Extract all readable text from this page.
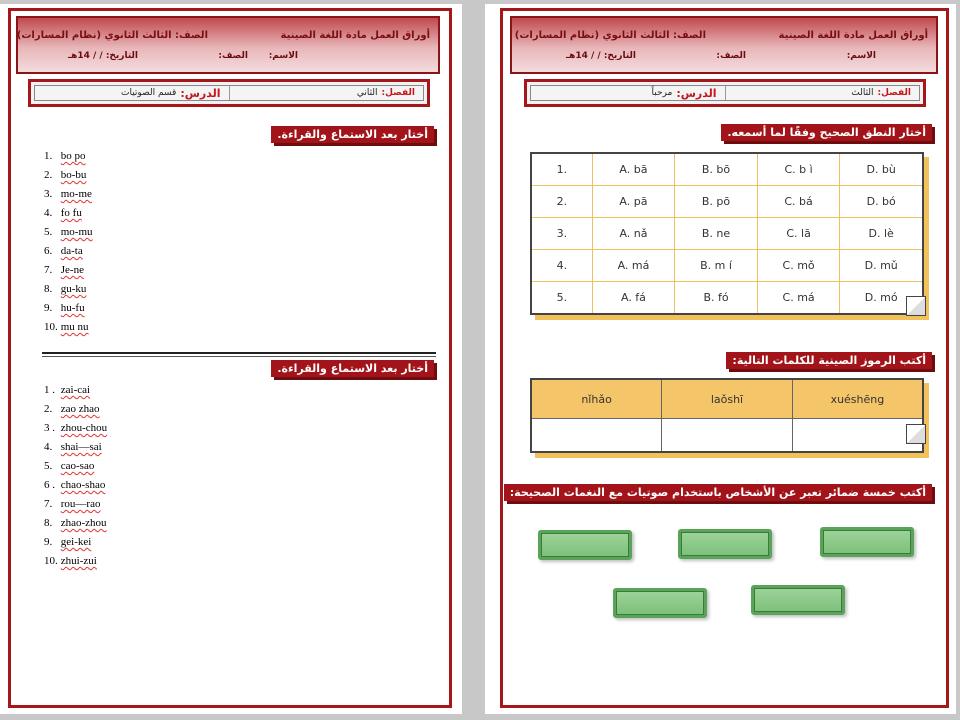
أوراق العمل مادة اللغة الصينية
الصف: الثالث الثانوي (نظام المسارات)
الاسم:
الصف:
التاريخ: / / 14هـ
الفصل:
الثاني
الدرس:
قسم الصوتيات
أختار بعد الاستماع والقراءة.
1.
bo po
2.
bo-bu
3.
mo-me
4.
fo fu
5.
mo-mu
6.
da-ta
7.
Je-ne
8.
gu-ku
9.
hu-fu
10.
mu nu
أختار بعد الاستماع والقراءة.
1 .
zai-cai
2.
zao zhao
3 .
zhou-chou
4.
shai—sai
5.
cao-sao
6 .
chao-shao
7.
rou—rao
8.
zhao-zhou
9.
gei-kei
10.
zhui-zui
أوراق العمل مادة اللغة الصينية
الصف: الثالث الثانوي (نظام المسارات)
الاسم:
الصف:
التاريخ: / / 14هـ
الفصل:
الثالث
الدرس:
مرحباً
أختار النطق الصحيح وفقًا لما أسمعه.
1.	A. bā	B. bō	C. b ì	D. bù
2.	A. pā	B. pō	C. bá	D. bó
3.	A. nǎ	B. ne	C. lā	D. lè
4.	A. má	B. m í	C. mǒ	D. mǔ
5.	A. fá	B. fó	C. má	D. mó
أكتب الرموز الصينية للكلمات التالية:
nǐhǎo	laǒshī	xuéshēng

أكتب خمسة ضمائر تعبر عن الأشخاص باستخدام صوتيات مع النغمات الصحيحة:
